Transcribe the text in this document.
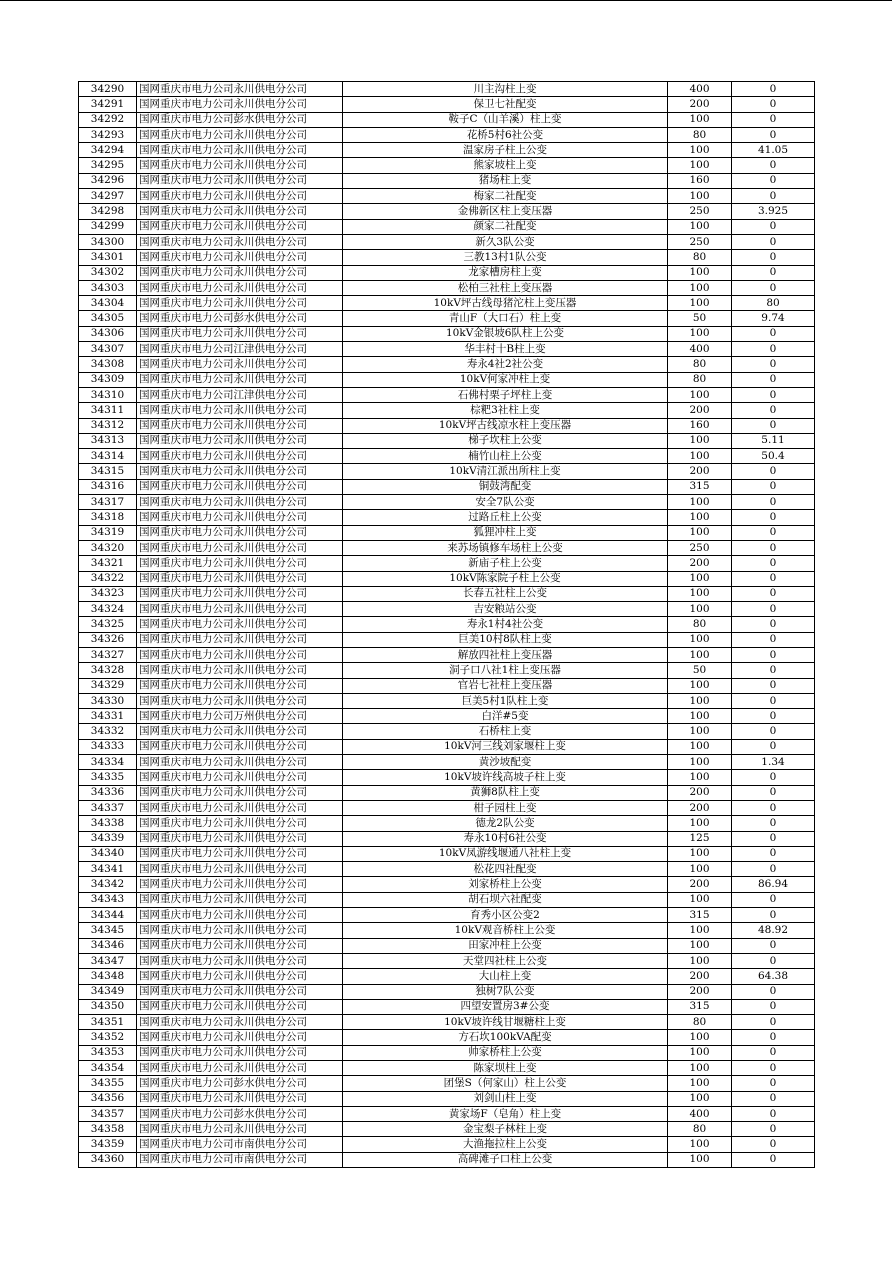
34290	国网重庆市电力公司永川供电分公司	川主沟柱上变	400	0
34291	国网重庆市电力公司永川供电分公司	保卫七社配变	200	0
34292	国网重庆市电力公司彭水供电分公司	鞍子C（山羊溪）柱上变	100	0
34293	国网重庆市电力公司永川供电分公司	花桥5村6社公变	80	0
34294	国网重庆市电力公司永川供电分公司	温家房子柱上公变	100	41.05
34295	国网重庆市电力公司永川供电分公司	熊家坡柱上变	100	0
34296	国网重庆市电力公司永川供电分公司	猪场柱上变	160	0
34297	国网重庆市电力公司永川供电分公司	梅家二社配变	100	0
34298	国网重庆市电力公司永川供电分公司	金佛新区柱上变压器	250	3.925
34299	国网重庆市电力公司永川供电分公司	颜家二社配变	100	0
34300	国网重庆市电力公司永川供电分公司	新久3队公变	250	0
34301	国网重庆市电力公司永川供电分公司	三教13村1队公变	80	0
34302	国网重庆市电力公司永川供电分公司	龙家槽房柱上变	100	0
34303	国网重庆市电力公司永川供电分公司	松柏三社柱上变压器	100	0
34304	国网重庆市电力公司永川供电分公司	10kV坪古线母猪沱柱上变压器	100	80
34305	国网重庆市电力公司彭水供电分公司	青山F（大口石）柱上变	50	9.74
34306	国网重庆市电力公司永川供电分公司	10kV金银坡6队柱上公变	100	0
34307	国网重庆市电力公司江津供电分公司	华丰村十B柱上变	400	0
34308	国网重庆市电力公司永川供电分公司	寿永4社2社公变	80	0
34309	国网重庆市电力公司永川供电分公司	10kV何家冲柱上变	80	0
34310	国网重庆市电力公司江津供电分公司	石佛村栗子坪柱上变	100	0
34311	国网重庆市电力公司永川供电分公司	棕粑3社柱上变	200	0
34312	国网重庆市电力公司永川供电分公司	10kV坪古线凉水柱上变压器	160	0
34313	国网重庆市电力公司永川供电分公司	梯子坎柱上公变	100	5.11
34314	国网重庆市电力公司永川供电分公司	楠竹山柱上公变	100	50.4
34315	国网重庆市电力公司永川供电分公司	10kV清江派出所柱上变	200	0
34316	国网重庆市电力公司永川供电分公司	铜鼓湾配变	315	0
34317	国网重庆市电力公司永川供电分公司	安全7队公变	100	0
34318	国网重庆市电力公司永川供电分公司	过路丘柱上公变	100	0
34319	国网重庆市电力公司永川供电分公司	狐狸冲柱上变	100	0
34320	国网重庆市电力公司永川供电分公司	来苏场镇修车场柱上公变	250	0
34321	国网重庆市电力公司永川供电分公司	新庙子柱上公变	200	0
34322	国网重庆市电力公司永川供电分公司	10kV陈家院子柱上公变	100	0
34323	国网重庆市电力公司永川供电分公司	长春五社柱上公变	100	0
34324	国网重庆市电力公司永川供电分公司	吉安粮站公变	100	0
34325	国网重庆市电力公司永川供电分公司	寿永1村4社公变	80	0
34326	国网重庆市电力公司永川供电分公司	巨美10村8队柱上变	100	0
34327	国网重庆市电力公司永川供电分公司	解放四社柱上变压器	100	0
34328	国网重庆市电力公司永川供电分公司	洞子口八社1柱上变压器	50	0
34329	国网重庆市电力公司永川供电分公司	官岩七社柱上变压器	100	0
34330	国网重庆市电力公司永川供电分公司	巨美5村1队柱上变	100	0
34331	国网重庆市电力公司万州供电分公司	白洋#5变	100	0
34332	国网重庆市电力公司永川供电分公司	石桥柱上变	100	0
34333	国网重庆市电力公司永川供电分公司	10kV河三线刘家堰柱上变	100	0
34334	国网重庆市电力公司永川供电分公司	黄沙坡配变	100	1.34
34335	国网重庆市电力公司永川供电分公司	10kV坡许线高坡子柱上变	100	0
34336	国网重庆市电力公司永川供电分公司	黄狮8队柱上变	200	0
34337	国网重庆市电力公司永川供电分公司	柑子园柱上变	200	0
34338	国网重庆市电力公司永川供电分公司	德龙2队公变	100	0
34339	国网重庆市电力公司永川供电分公司	寿永10村6社公变	125	0
34340	国网重庆市电力公司永川供电分公司	10kV凤游线堰通八社柱上变	100	0
34341	国网重庆市电力公司永川供电分公司	松花四社配变	100	0
34342	国网重庆市电力公司永川供电分公司	刘家桥柱上公变	200	86.94
34343	国网重庆市电力公司永川供电分公司	胡石坝六社配变	100	0
34344	国网重庆市电力公司永川供电分公司	育秀小区公变2	315	0
34345	国网重庆市电力公司永川供电分公司	10kV观音桥柱上公变	100	48.92
34346	国网重庆市电力公司永川供电分公司	田家冲柱上公变	100	0
34347	国网重庆市电力公司永川供电分公司	天堂四社柱上公变	100	0
34348	国网重庆市电力公司永川供电分公司	大山柱上变	200	64.38
34349	国网重庆市电力公司永川供电分公司	独树7队公变	200	0
34350	国网重庆市电力公司永川供电分公司	四望安置房3#公变	315	0
34351	国网重庆市电力公司永川供电分公司	10kV坡许线甘堰糖柱上变	80	0
34352	国网重庆市电力公司永川供电分公司	方石坎100kVA配变	100	0
34353	国网重庆市电力公司永川供电分公司	帅家桥柱上公变	100	0
34354	国网重庆市电力公司永川供电分公司	陈家坝柱上变	100	0
34355	国网重庆市电力公司彭水供电分公司	团堡S（何家山）柱上公变	100	0
34356	国网重庆市电力公司永川供电分公司	刘剑山柱上变	100	0
34357	国网重庆市电力公司彭水供电分公司	黄家场F（皂角）柱上变	400	0
34358	国网重庆市电力公司永川供电分公司	金宝梨子林柱上变	80	0
34359	国网重庆市电力公司市南供电分公司	大渔拖拉柱上公变	100	0
34360	国网重庆市电力公司市南供电分公司	高碑滩子口柱上公变	100	0
